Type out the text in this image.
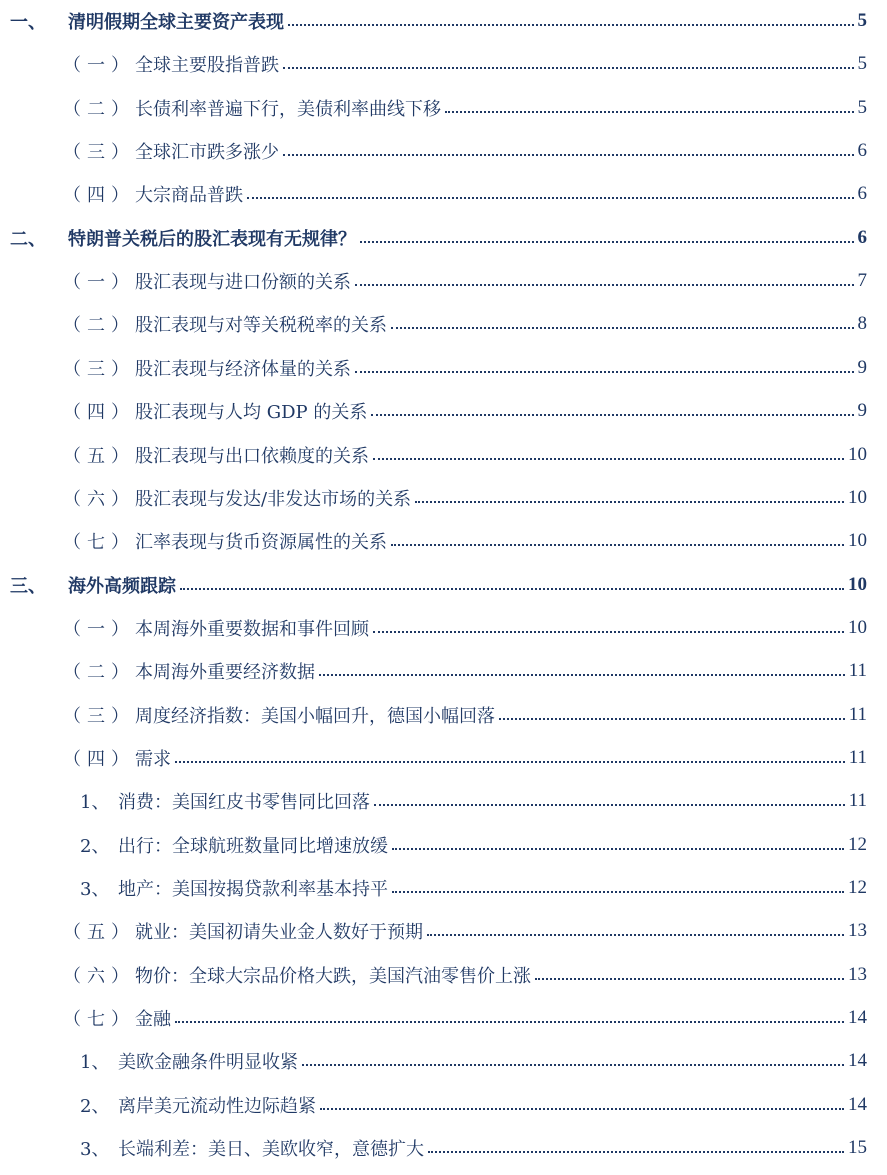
一、 清明假期全球主要资产表现	5
（一） 全球主要股指普跌	5
（二） 长债利率普遍下行，美债利率曲线下移	5
（三） 全球汇市跌多涨少	6
（四） 大宗商品普跌	6
二、 特朗普关税后的股汇表现有无规律？	6
（一） 股汇表现与进口份额的关系	7
（二） 股汇表现与对等关税税率的关系	8
（三） 股汇表现与经济体量的关系	9
（四） 股汇表现与人均 GDP 的关系	9
（五） 股汇表现与出口依赖度的关系	10
（六） 股汇表现与发达/非发达市场的关系	10
（七） 汇率表现与货币资源属性的关系	10
三、 海外高频跟踪	10
（一） 本周海外重要数据和事件回顾	10
（二） 本周海外重要经济数据	11
（三） 周度经济指数：美国小幅回升，德国小幅回落	11
（四） 需求	11
1、 消费：美国红皮书零售同比回落	11
2、 出行：全球航班数量同比增速放缓	12
3、 地产：美国按揭贷款利率基本持平	12
（五） 就业：美国初请失业金人数好于预期	13
（六） 物价：全球大宗品价格大跌，美国汽油零售价上涨	13
（七） 金融	14
1、 美欧金融条件明显收紧	14
2、 离岸美元流动性边际趋紧	14
3、 长端利差：美日、美欧收窄，意德扩大	15
